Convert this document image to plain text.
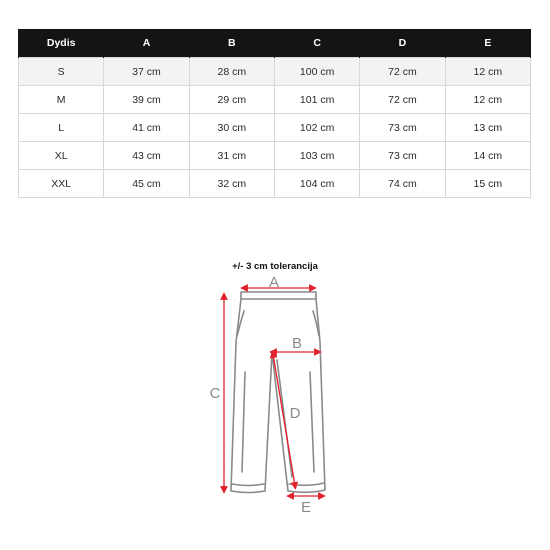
Dydis	A	B	C	D	E
S	37 cm	28 cm	100 cm	72 cm	12 cm
M	39 cm	29 cm	101 cm	72 cm	12 cm
L	41 cm	30 cm	102 cm	73 cm	13 cm
XL	43 cm	31 cm	103 cm	73 cm	14 cm
XXL	45 cm	32 cm	104 cm	74 cm	15 cm
+/- 3 cm tolerancija
A
B
C
D
E
